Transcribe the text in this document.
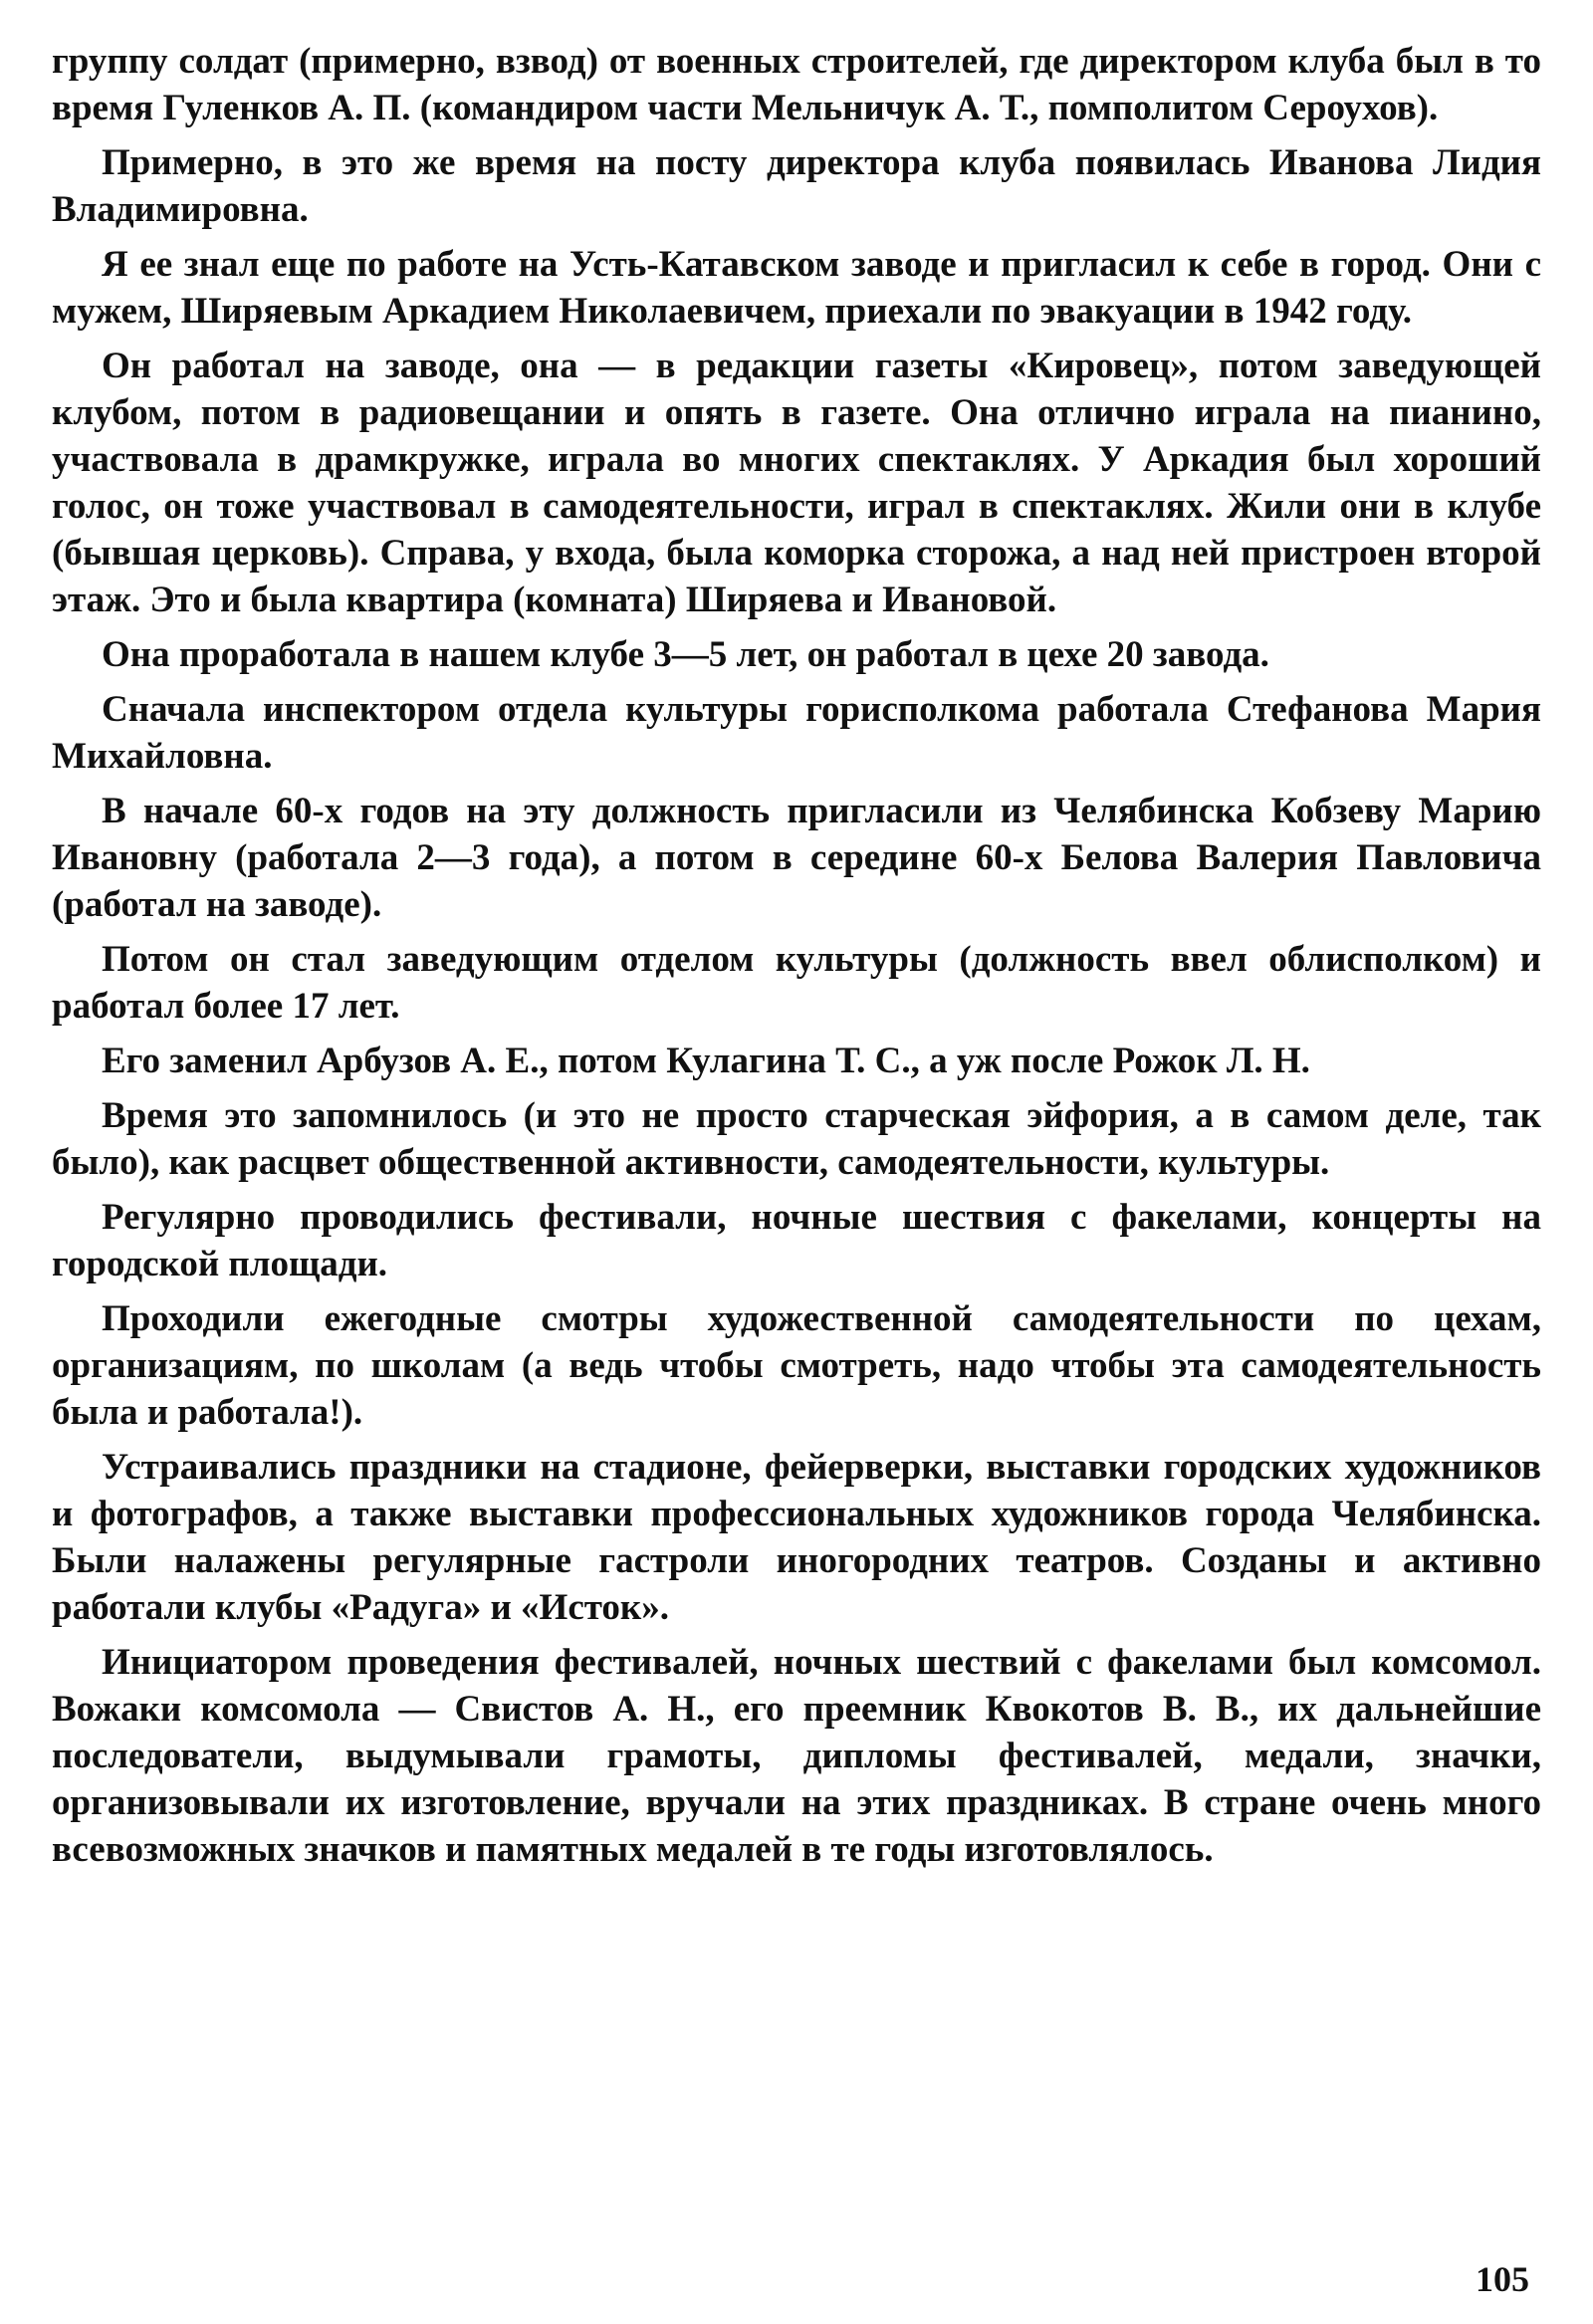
группу солдат (примерно, взвод) от военных строителей, где директором клуба был в то время Гуленков А. П. (командиром части Мельничук А. Т., помполитом Сероухов).

Примерно, в это же время на посту директора клуба появилась Иванова Лидия Владимировна.

Я ее знал еще по работе на Усть-Катавском заводе и пригласил к себе в город. Они с мужем, Ширяевым Аркадием Николаевичем, приехали по эвакуации в 1942 году.

Он работал на заводе, она — в редакции газеты «Кировец», потом заведующей клубом, потом в радиовещании и опять в газете. Она отлично играла на пианино, участвовала в драмкружке, играла во многих спектаклях. У Аркадия был хороший голос, он тоже участвовал в самодеятельности, играл в спектаклях. Жили они в клубе (бывшая церковь). Справа, у входа, была коморка сторожа, а над ней пристроен второй этаж. Это и была квартира (комната) Ширяева и Ивановой.

Она проработала в нашем клубе 3—5 лет, он работал в цехе 20 завода.

Сначала инспектором отдела культуры горисполкома работала Стефанова Мария Михайловна.

В начале 60-х годов на эту должность пригласили из Челябинска Кобзеву Марию Ивановну (работала 2—3 года), а потом в середине 60-х Белова Валерия Павловича (работал на заводе).

Потом он стал заведующим отделом культуры (должность ввел облисполком) и работал более 17 лет.

Его заменил Арбузов А. Е., потом Кулагина Т. С., а уж после Рожок Л. Н.

Время это запомнилось (и это не просто старческая эйфория, а в самом деле, так было), как расцвет общественной активности, самодеятельности, культуры.

Регулярно проводились фестивали, ночные шествия с факелами, концерты на городской площади.

Проходили ежегодные смотры художественной самодеятельности по цехам, организациям, по школам (а ведь чтобы смотреть, надо чтобы эта самодеятельность была и работала!).

Устраивались праздники на стадионе, фейерверки, выставки городских художников и фотографов, а также выставки профессиональных художников города Челябинска. Были налажены регулярные гастроли иногородних театров. Созданы и активно работали клубы «Радуга» и «Исток».

Инициатором проведения фестивалей, ночных шествий с факелами был комсомол. Вожаки комсомола — Свистов А. Н., его преемник Квокотов В. В., их дальнейшие последователи, выдумывали грамоты, дипломы фестивалей, медали, значки, организовывали их изготовление, вручали на этих праздниках. В стране очень много всевозможных значков и памятных медалей в те годы изготовлялось.

105
